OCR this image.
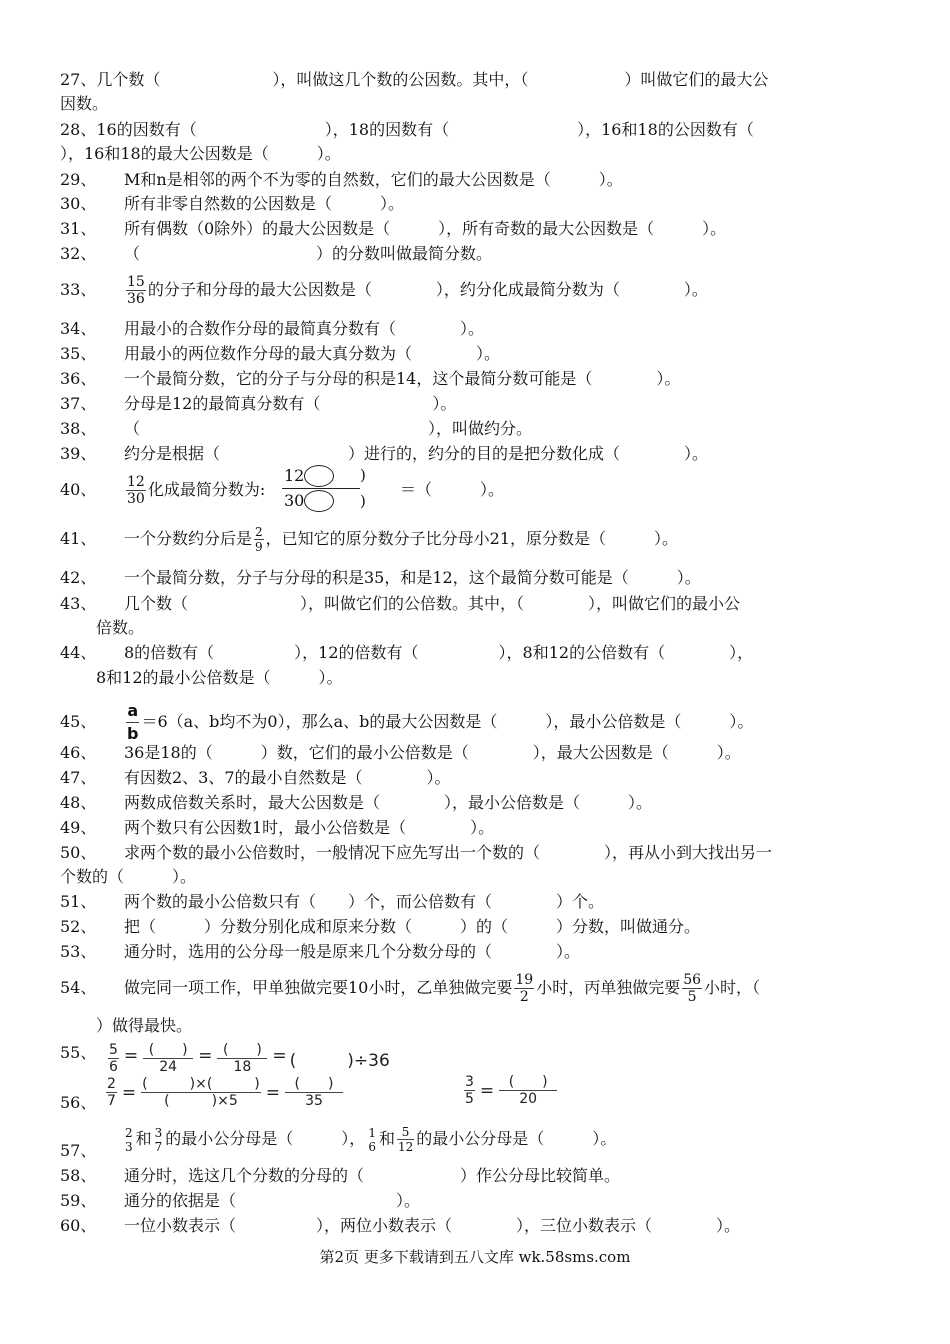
27、几个数（　　　　　　　），叫做这几个数的公因数。其中，（　　　　　　）叫做它们的最大公
因数。
28、16的因数有（　　　　　　　　），18的因数有（　　　　　　　　），16和18的公因数有（
），16和18的最大公因数是（　　　）。
29、 M和n是相邻的两个不为零的自然数，它们的最大公因数是（　　　）。
30、 所有非零自然数的公因数是（　　　）。
31、 所有偶数（0除外）的最大公因数是（　　　），所有奇数的最大公因数是（　　　）。
32、 （　　　　　　　　　　　）的分数叫做最简分数。
33、 $\frac{15}{36}$ 的分子和分母的最大公因数是（　　　　），约分化成最简分数为（　　　　）。
34、 用最小的合数作分母的最简真分数有（　　　　）。
35、 用最小的两位数作分母的最大真分数为（　　　　）。
36、 一个最简分数，它的分子与分母的积是14，这个最简分数可能是（　　　　）。
37、 分母是12的最简真分数有（　　　　　　　）。
38、 （　　　　　　　　　　　　　　　　　　），叫做约分。
39、 约分是根据（　　　　　　　　）进行的，约分的目的是把分数化成（　　　　）。
40、 $\frac{12}{30}$ 化成最简分数为:
12	)
30	)
＝（　　　）。
41、 一个分数约分后是 $\frac{2}{9}$ ，已知它的原分数分子比分母小21，原分数是（　　　）。
42、 一个最简分数，分子与分母的积是35，和是12，这个最简分数可能是（　　　）。
43、 几个数（　　　　　　　），叫做它们的公倍数。其中，（　　　　），叫做它们的最小公
倍数。
44、 8的倍数有（　　　　　），12的倍数有（　　　　　），8和12的公倍数有（　　　　），
8和12的最小公倍数是（　　　）。
45、 $\frac{a}{b} =6(a$、b均不为0），那么a、b的最大公因数是（　　　），最小公倍数是（　　　）。
46、 36是18的（　　　）数，它们的最小公倍数是（　　　　），最大公因数是（　　　）。
47、 有因数2、3、7的最小自然数是（　　　　）。
48、 两数成倍数关系时，最大公因数是（　　　　），最小公倍数是（　　　）。
49、 两个数只有公因数1时，最小公倍数是（　　　　）。
50、 求两个数的最小公倍数时，一般情况下应先写出一个数的（　　　　），再从小到大找出另一
个数的（　　　）。
51、 两个数的最小公倍数只有（　　）个，而公倍数有（　　　　）个。
52、 把（　　　）分数分别化成和原来分数（　　　）的（　　　）分数，叫做通分。
53、 通分时，选用的公分母一般是原来几个分数分母的（　　　　）。
54、 做完同一项工作，甲单独做完要10小时，乙单独做完要 $\frac{19}{2}$ 小时，丙单独做完要 $\frac{56}{5}$ 小时，（
）做得最快。
55、 $\frac{5}{6}$ = (　　)
24
= (　　)
18
= (　　　)÷36
56、 $\frac{2}{7}$ = (　　　)×(　　　)
(　　　)×5	=	(　　)
35	$\frac{3}{5}$ =	(　　)
20
57、
2
3 和 3
7 的最小公分母是（　　　）， 1
6 和 $\frac{5}{12}$ 的最小公分母是（　　　）。
58、 通分时，选这几个分数的分母的（　　　　　　）作公分母比较简单。
59、 通分的依据是（　　　　　　　　　　）。
60、 一位小数表示（　　　　　），两位小数表示（　　　　），三位小数表示（　　　　）。
第2页 更多下载请到五八文库 wk.58sms.com
